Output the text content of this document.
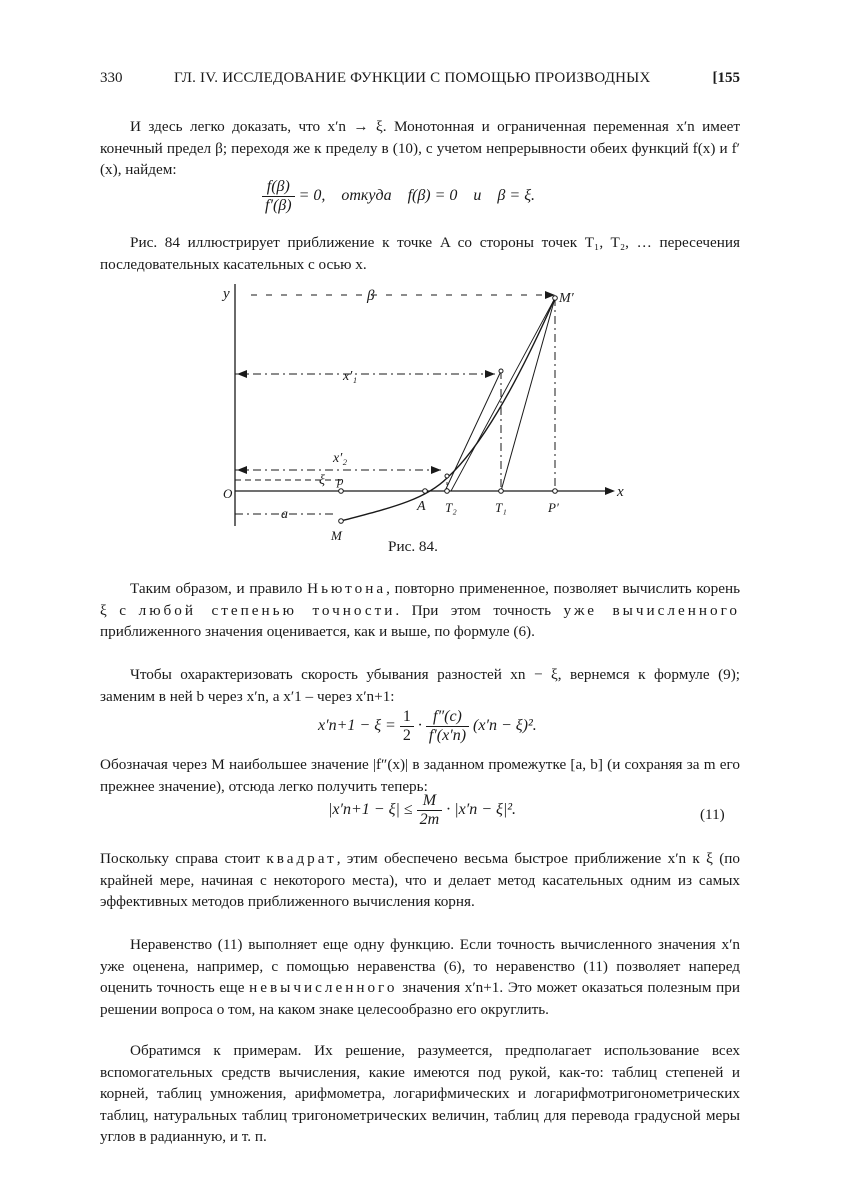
330	ГЛ. IV. ИССЛЕДОВАНИЕ ФУНКЦИИ С ПОМОЩЬЮ ПРОИЗВОДНЫХ	[155

И здесь легко доказать, что x′n → ξ. Монотонная и ограниченная переменная x′n имеет конечный предел β; переходя же к пределу в (10), с учетом непрерывности обеих функций f(x) и f′(x), найдем:

$\frac{f(\beta)}{f'(\beta)} = 0$,    откуда    f(β) = 0    и    β = ξ.

Рис. 84 иллюстрирует приближение к точке A со стороны точек T₁, T₂, … пересечения последовательных касательных с осью x.

y
x
O
β
x′₁
x′₂
ξ p
a
A T₂	T₁	P′
M
M′
Рис. 84.

Таким образом, и правило Ньютона, повторно примененное, позволяет вычислить корень ξ с любой степенью точности. При этом точность уже вычисленного приближенного значения оценивается, как и выше, по формуле (6).

Чтобы охарактеризовать скорость убывания разностей xn − ξ, вернемся к формуле (9); заменим в ней b через x′n, а x′1 – через x′n+1:

$x'n+1 - \xi = \frac{1}{2} \cdot \frac{f''(c)}{f'(x'n)} (x'n - \xi)^2$.

Обозначая через M наибольшее значение |f″(x)| в заданном промежутке [a, b] (и сохраняя за m его прежнее значение), отсюда легко получить теперь:

$|x'n+1 - \xi| \le \frac{M}{2m} \cdot |x'n - \xi|^2$.	(11)

Поскольку справа стоит квадрат, этим обеспечено весьма быстрое приближение x′n к ξ (по крайней мере, начиная с некоторого места), что и делает метод касательных одним из самых эффективных методов приближенного вычисления корня.

Неравенство (11) выполняет еще одну функцию. Если точность вычисленного значения x′n уже оценена, например, с помощью неравенства (6), то неравенство (11) позволяет наперед оценить точность еще невычисленного значения x′n+1. Это может оказаться полезным при решении вопроса о том, на каком знаке целесообразно его округлить.

Обратимся к примерам. Их решение, разумеется, предполагает использование всех вспомогательных средств вычисления, какие имеются под рукой, как-то: таблиц степеней и корней, таблиц умножения, арифмометра, логарифмических и логарифмотригонометрических таблиц, натуральных таблиц тригонометрических величин, таблиц для перевода градусной меры углов в радианную, и т. п.
